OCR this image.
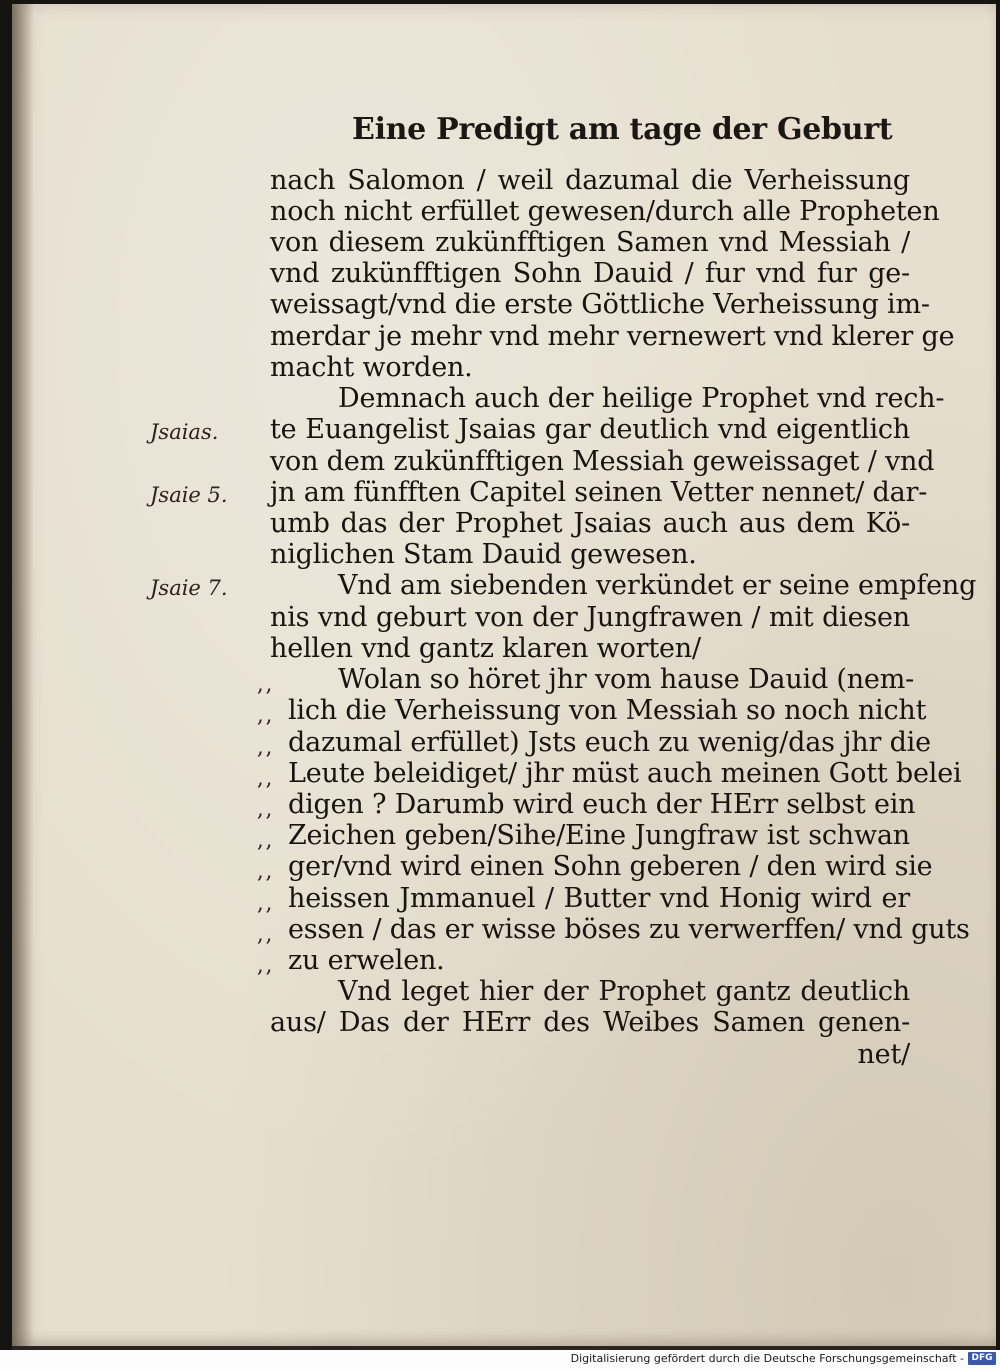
Eine Predigt am tage der Geburt
nach Salomon / weil dazumal die Verheissung
noch nicht erfüllet gewesen/durch alle Propheten
von diesem zukünfftigen Samen vnd Messiah /
vnd zukünfftigen Sohn Dauid / fur vnd fur ge-
weissagt/vnd die erste Göttliche Verheissung im-
merdar je mehr vnd mehr vernewert vnd klerer ge
macht worden.
Demnach auch der heilige Prophet vnd rech-
te Euangelist Jsaias gar deutlich vnd eigentlich
von dem zukünfftigen Messiah geweissaget / vnd
jn am fünfften Capitel seinen Vetter nennet/ dar-
umb das der Prophet Jsaias auch aus dem Kö-
niglichen Stam Dauid gewesen.
Vnd am siebenden verkündet er seine empfeng
nis vnd geburt von der Jungfrawen / mit diesen
hellen vnd gantz klaren worten/
Wolan so höret jhr vom hause Dauid (nem-
lich die Verheissung von Messiah so noch nicht
dazumal erfüllet) Jsts euch zu wenig/das jhr die
Leute beleidiget/ jhr müst auch meinen Gott belei
digen ? Darumb wird euch der HErr selbst ein
Zeichen geben/Sihe/Eine Jungfraw ist schwan
ger/vnd wird einen Sohn geberen / den wird sie
heissen Jmmanuel / Butter vnd Honig wird er
essen / das er wisse böses zu verwerffen/ vnd guts
zu erwelen.
Vnd leget hier der Prophet gantz deutlich
aus/ Das der HErr des Weibes Samen genen-
net/
Jsaias.
Jsaie 5.
Jsaie 7.
,,
,,
,,
,,
,,
,,
,,
,,
,,
,,
Digitalisierung gefördert durch die Deutsche Forschungsgemeinschaft - DFG
